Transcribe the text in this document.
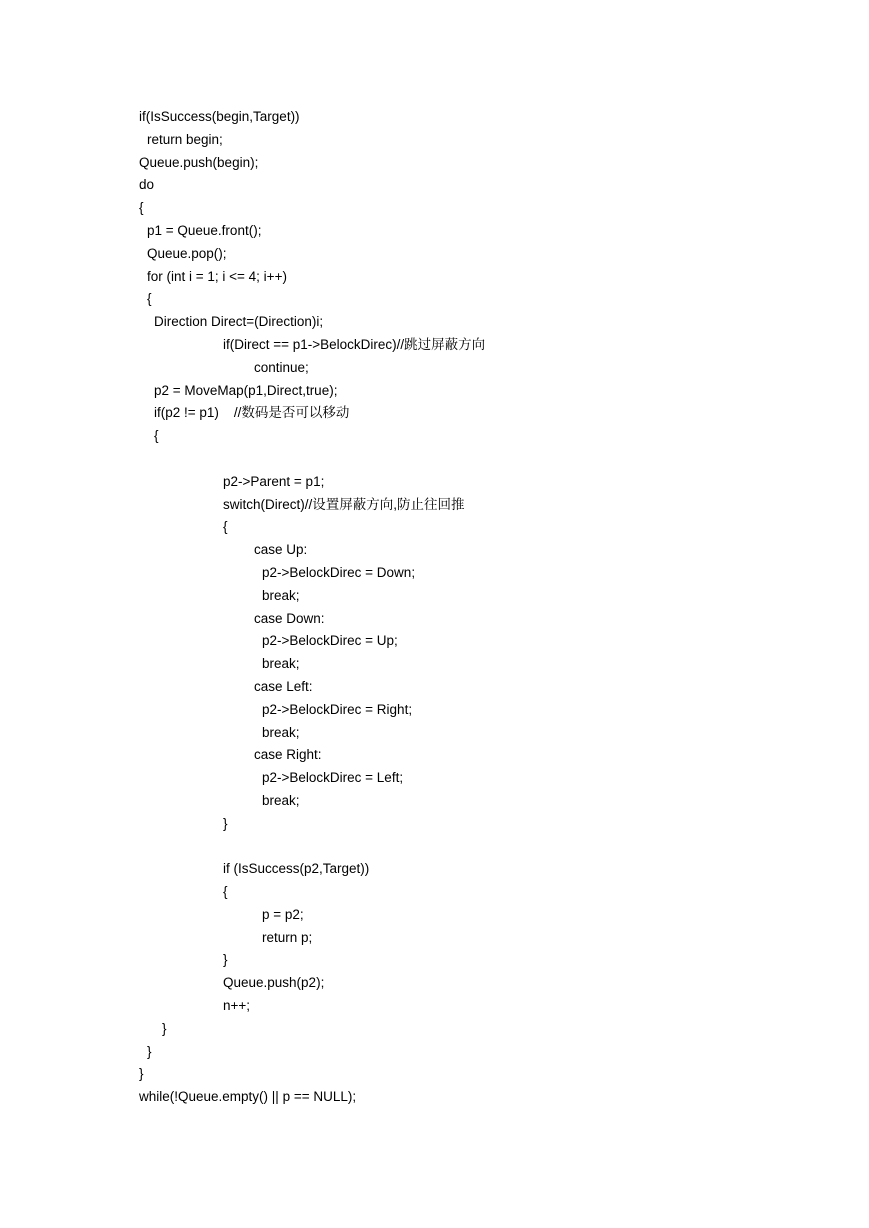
if(IsSuccess(begin,Target))
return begin;
Queue.push(begin);
do
{
p1 = Queue.front();
Queue.pop();
for (int i = 1; i <= 4; i++)
{
Direction Direct=(Direction)i;
if(Direct == p1->BelockDirec)//跳过屏蔽方向
continue;
p2 = MoveMap(p1,Direct,true);
if(p2 != p1)    //数码是否可以移动
{
p2->Parent = p1;
switch(Direct)//设置屏蔽方向,防止往回推
{
case Up:
p2->BelockDirec = Down;
break;
case Down:
p2->BelockDirec = Up;
break;
case Left:
p2->BelockDirec = Right;
break;
case Right:
p2->BelockDirec = Left;
break;
}
if (IsSuccess(p2,Target))
{
p = p2;
return p;
}
Queue.push(p2);
n++;
}
}
}
while(!Queue.empty() || p == NULL);
